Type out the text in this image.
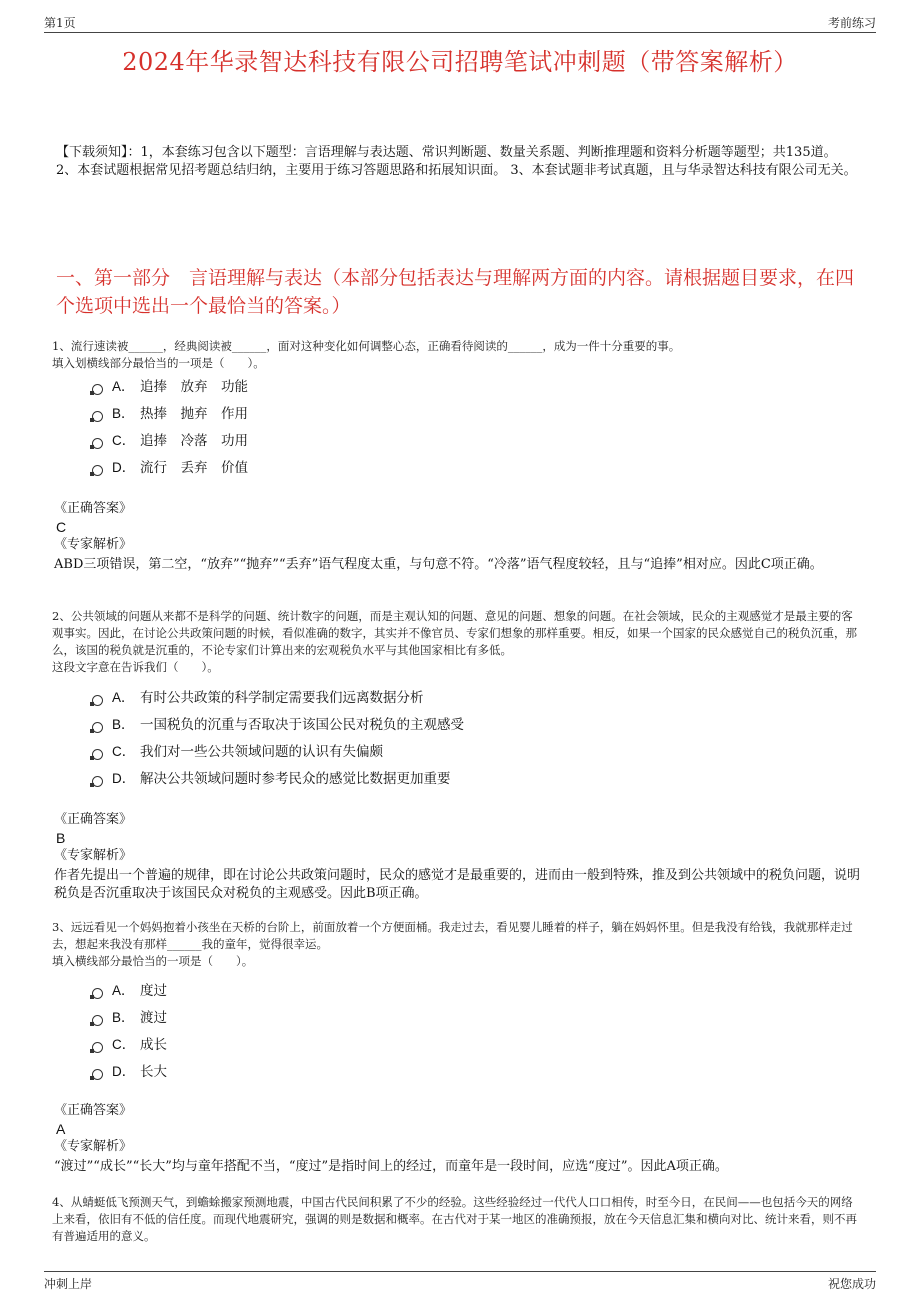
第1页	考前练习
2024年华录智达科技有限公司招聘笔试冲刺题（带答案解析）
【下载须知】：1，本套练习包含以下题型：言语理解与表达题、常识判断题、数量关系题、判断推理题和资料分析题等题型；共135道。 2、本套试题根据常见招考题总结归纳，主要用于练习答题思路和拓展知识面。 3、本套试题非考试真题，且与华录智达科技有限公司无关。
一、第一部分　言语理解与表达（本部分包括表达与理解两方面的内容。请根据题目要求，在四个选项中选出一个最恰当的答案。）
1、流行速读被______，经典阅读被______，面对这种变化如何调整心态，正确看待阅读的______，成为一件十分重要的事。
填入划横线部分最恰当的一项是（　　）。
A． 追捧　放弃　功能
B． 热捧　抛弃　作用
C． 追捧　冷落　功用
D． 流行　丢弃　价值
《正确答案》
C
《专家解析》
ABD三项错误，第二空，“放弃”“抛弃”“丢弃”语气程度太重，与句意不符。“冷落”语气程度较轻，且与“追捧”相对应。因此C项正确。
2、公共领域的问题从来都不是科学的问题、统计数字的问题，而是主观认知的问题、意见的问题、想象的问题。在社会领域，民众的主观感觉才是最主要的客观事实。因此，在讨论公共政策问题的时候，看似准确的数字，其实并不像官员、专家们想象的那样重要。相反，如果一个国家的民众感觉自己的税负沉重，那么，该国的税负就是沉重的，不论专家们计算出来的宏观税负水平与其他国家相比有多低。
这段文字意在告诉我们（　　）。
A． 有时公共政策的科学制定需要我们远离数据分析
B． 一国税负的沉重与否取决于该国公民对税负的主观感受
C． 我们对一些公共领域问题的认识有失偏颇
D． 解决公共领域问题时参考民众的感觉比数据更加重要
《正确答案》
B
《专家解析》
作者先提出一个普遍的规律，即在讨论公共政策问题时，民众的感觉才是最重要的，进而由一般到特殊，推及到公共领域中的税负问题，说明税负是否沉重取决于该国民众对税负的主观感受。因此B项正确。
3、远远看见一个妈妈抱着小孩坐在天桥的台阶上，前面放着一个方便面桶。我走过去，看见婴儿睡着的样子，躺在妈妈怀里。但是我没有给钱，我就那样走过去，想起来我没有那样______我的童年，觉得很幸运。
填入横线部分最恰当的一项是（　　）。
A． 度过
B． 渡过
C． 成长
D． 长大
《正确答案》
A
《专家解析》
“渡过”“成长”“长大”均与童年搭配不当，“度过”是指时间上的经过，而童年是一段时间，应选“度过”。因此A项正确。
4、从蜻蜓低飞预测天气，到蟾蜍搬家预测地震，中国古代民间积累了不少的经验。这些经验经过一代代人口口相传，时至今日，在民间——也包括今天的网络上来看，依旧有不低的信任度。而现代地震研究，强调的则是数据和概率。在古代对于某一地区的准确预报，放在今天信息汇集和横向对比、统计来看，则不再有普遍适用的意义。
冲刺上岸	祝您成功
